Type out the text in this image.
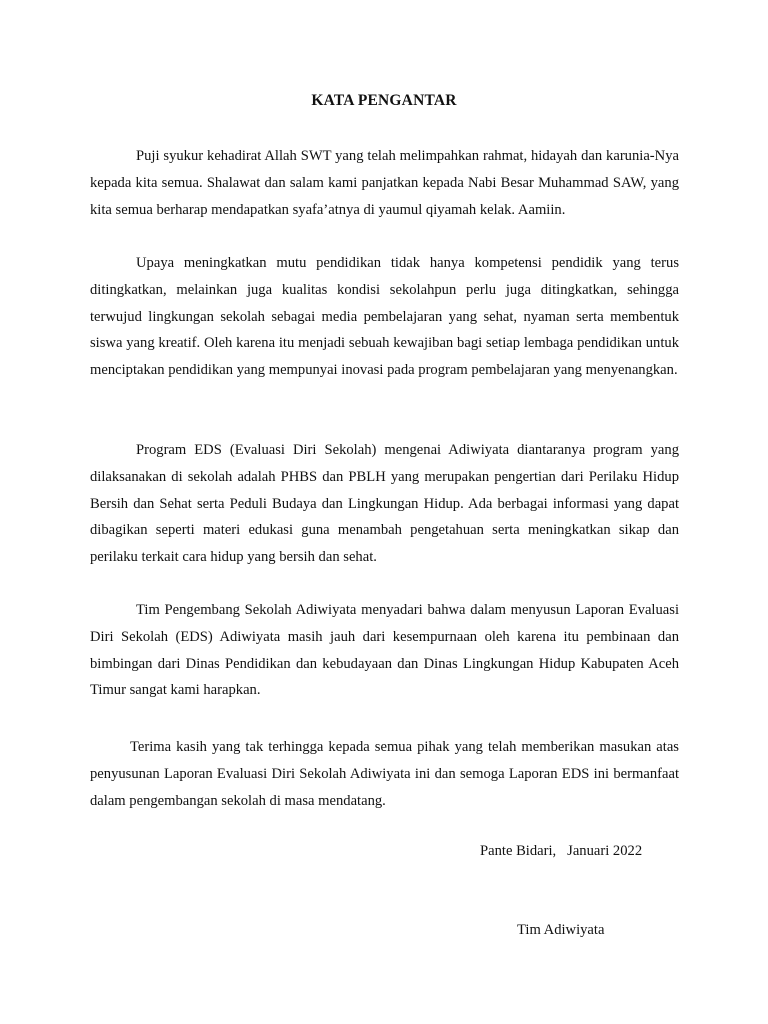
KATA PENGANTAR

Puji syukur kehadirat Allah SWT yang telah melimpahkan rahmat, hidayah dan karunia-Nya kepada kita semua. Shalawat dan salam kami panjatkan kepada Nabi Besar Muhammad SAW, yang kita semua berharap mendapatkan syafa’atnya di yaumul qiyamah kelak. Aamiin.

Upaya meningkatkan mutu pendidikan tidak hanya kompetensi pendidik yang terus ditingkatkan, melainkan juga kualitas kondisi sekolahpun perlu juga ditingkatkan, sehingga terwujud lingkungan sekolah sebagai media pembelajaran yang sehat, nyaman serta membentuk siswa yang kreatif. Oleh karena itu menjadi sebuah kewajiban bagi setiap lembaga pendidikan untuk menciptakan pendidikan yang mempunyai inovasi pada program pembelajaran yang menyenangkan.

Program EDS (Evaluasi Diri Sekolah) mengenai Adiwiyata diantaranya program yang dilaksanakan di sekolah adalah PHBS dan PBLH yang merupakan pengertian dari Perilaku Hidup Bersih dan Sehat serta Peduli Budaya dan Lingkungan Hidup. Ada berbagai informasi yang dapat dibagikan seperti materi edukasi guna menambah pengetahuan serta meningkatkan sikap dan perilaku terkait cara hidup yang bersih dan sehat.

Tim Pengembang Sekolah Adiwiyata menyadari bahwa dalam menyusun Laporan Evaluasi Diri Sekolah (EDS) Adiwiyata masih jauh dari kesempurnaan oleh karena itu pembinaan dan bimbingan dari Dinas Pendidikan dan kebudayaan dan Dinas Lingkungan Hidup Kabupaten Aceh Timur sangat kami harapkan.

Terima kasih yang tak terhingga kepada semua pihak yang telah memberikan masukan atas penyusunan Laporan Evaluasi Diri Sekolah Adiwiyata ini dan semoga Laporan EDS ini bermanfaat dalam pengembangan sekolah di masa mendatang.

Pante Bidari,   Januari 2022
Tim Adiwiyata
